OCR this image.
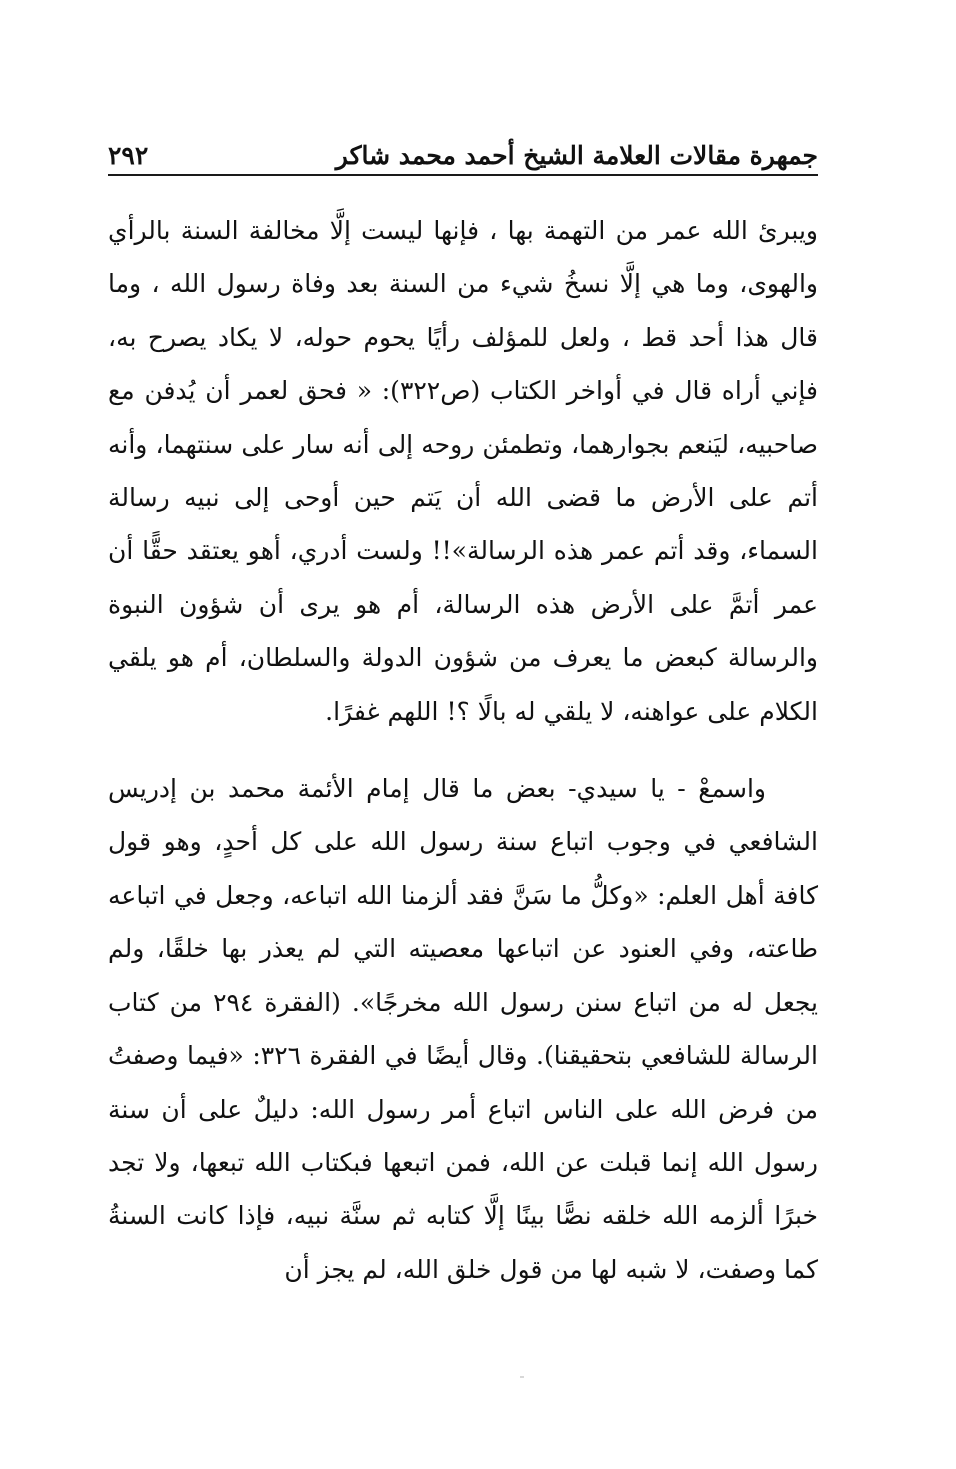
جمهرة مقالات العلامة الشيخ أحمد محمد شاكر
٢٩٢

ويبرئ الله عمر من التهمة بها ، فإنها ليست إلَّا مخالفة السنة بالرأي والهوى، وما هي إلَّا نسخُ شيء من السنة بعد وفاة رسول الله ، وما قال هذا أحد قط ، ولعل للمؤلف رأيًا يحوم حوله، لا يكاد يصرح به، فإني أراه قال في أواخر الكتاب (ص٣٢٢): « فحق لعمر أن يُدفن مع صاحبيه، ليَنعم بجوارهما، وتطمئن روحه إلى أنه سار على سنتهما، وأنه أتم على الأرض ما قضى الله أن يَتم حين أوحى إلى نبيه رسالة السماء، وقد أتم عمر هذه الرسالة»!! ولست أدري، أهو يعتقد حقًّا أن عمر أتمَّ على الأرض هذه الرسالة، أم هو يرى أن شؤون النبوة والرسالة كبعض ما يعرف من شؤون الدولة والسلطان، أم هو يلقي الكلام على عواهنه، لا يلقي له بالًا ؟! اللهم غفرًا.

واسمعْ - يا سيدي- بعض ما قال إمام الأئمة محمد بن إدريس الشافعي في وجوب اتباع سنة رسول الله على كل أحدٍ، وهو قول كافة أهل العلم: «وكلُّ ما سَنَّ فقد ألزمنا الله اتباعه، وجعل في اتباعه طاعته، وفي العنود عن اتباعها معصيته التي لم يعذر بها خلقًا، ولم يجعل له من اتباع سنن رسول الله مخرجًا». (الفقرة ٢٩٤ من كتاب الرسالة للشافعي بتحقيقنا). وقال أيضًا في الفقرة ٣٢٦: «فيما وصفتُ من فرض الله على الناس اتباع أمر رسول الله: دليلٌ على أن سنة رسول الله إنما قبلت عن الله، فمن اتبعها فبكتاب الله تبعها، ولا تجد خبرًا ألزمه الله خلقه نصًّا بينًا إلَّا كتابه ثم سنَّة نبيه، فإذا كانت السنةُ كما وصفت، لا شبه لها من قول خلق الله، لم يجز أن
